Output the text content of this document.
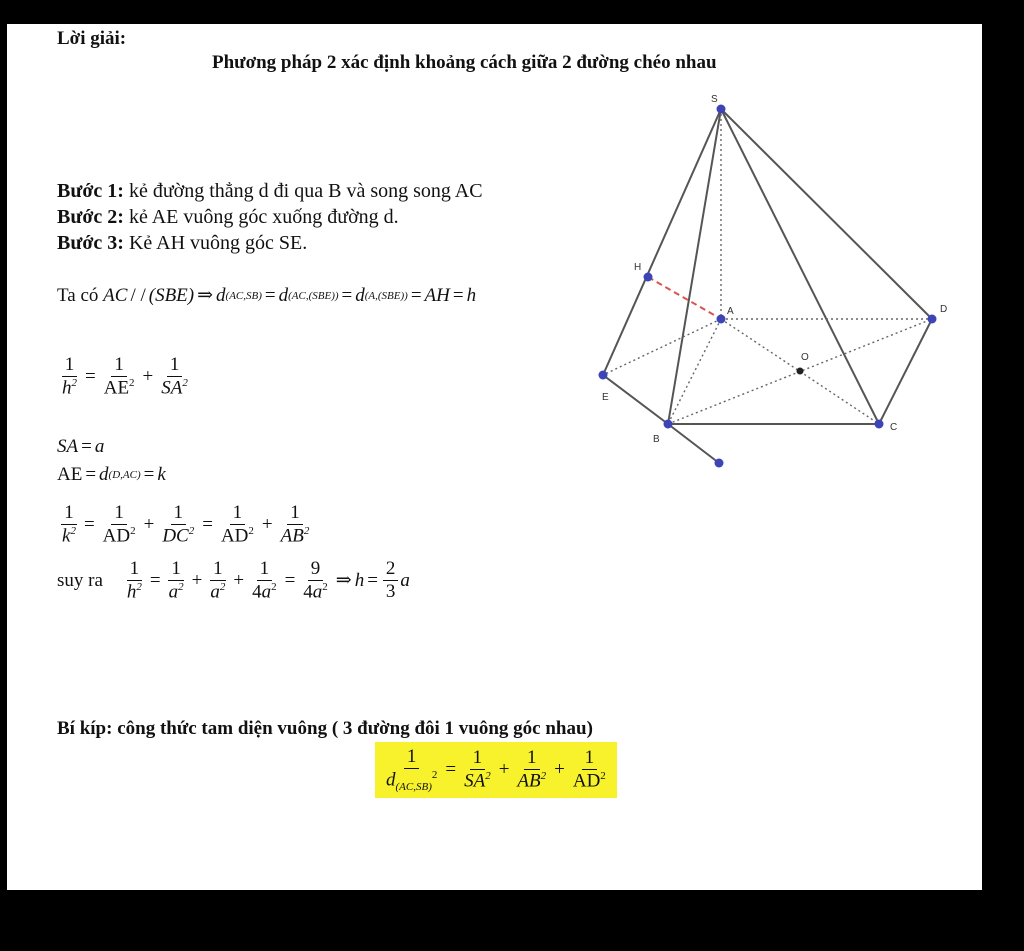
Lời giải:
Phương pháp 2 xác định khoảng cách giữa 2 đường chéo nhau
Bước 1: kẻ đường thẳng d đi qua B và song song AC
Bước 2: kẻ AE vuông góc xuống đường d.
Bước 3: Kẻ AH vuông góc SE.
Ta có
AC / / (SBE) ⇒ d (AC,SB) = d (AC,(SBE)) = d (A,(SBE)) = AH = h
$\frac{1}{h^2} = \frac{1}{AE^2} + \frac{1}{SA^2}$
SA = a
AE = d (D,AC) = k
$\frac{1}{k^2} = \frac{1}{AD^2} + \frac{1}{DC^2} = \frac{1}{AD^2} + \frac{1}{AB^2}$
suy ra
$\frac{1}{h^2} = \frac{1}{a^2} + \frac{1}{a^2} + \frac{1}{4a^2} = \frac{9}{4a^2}$ ⇒ $h = \frac{2}{3}$ a
Bí kíp: công thức tam diện vuông ( 3 đường đôi 1 vuông góc nhau)
$\frac{1}{d_{(AC,SB)}^2} = \frac{1}{SA^2} + \frac{1}{AB^2} + \frac{1}{AD^2}$
S
A
B
C
D
E
H
O
